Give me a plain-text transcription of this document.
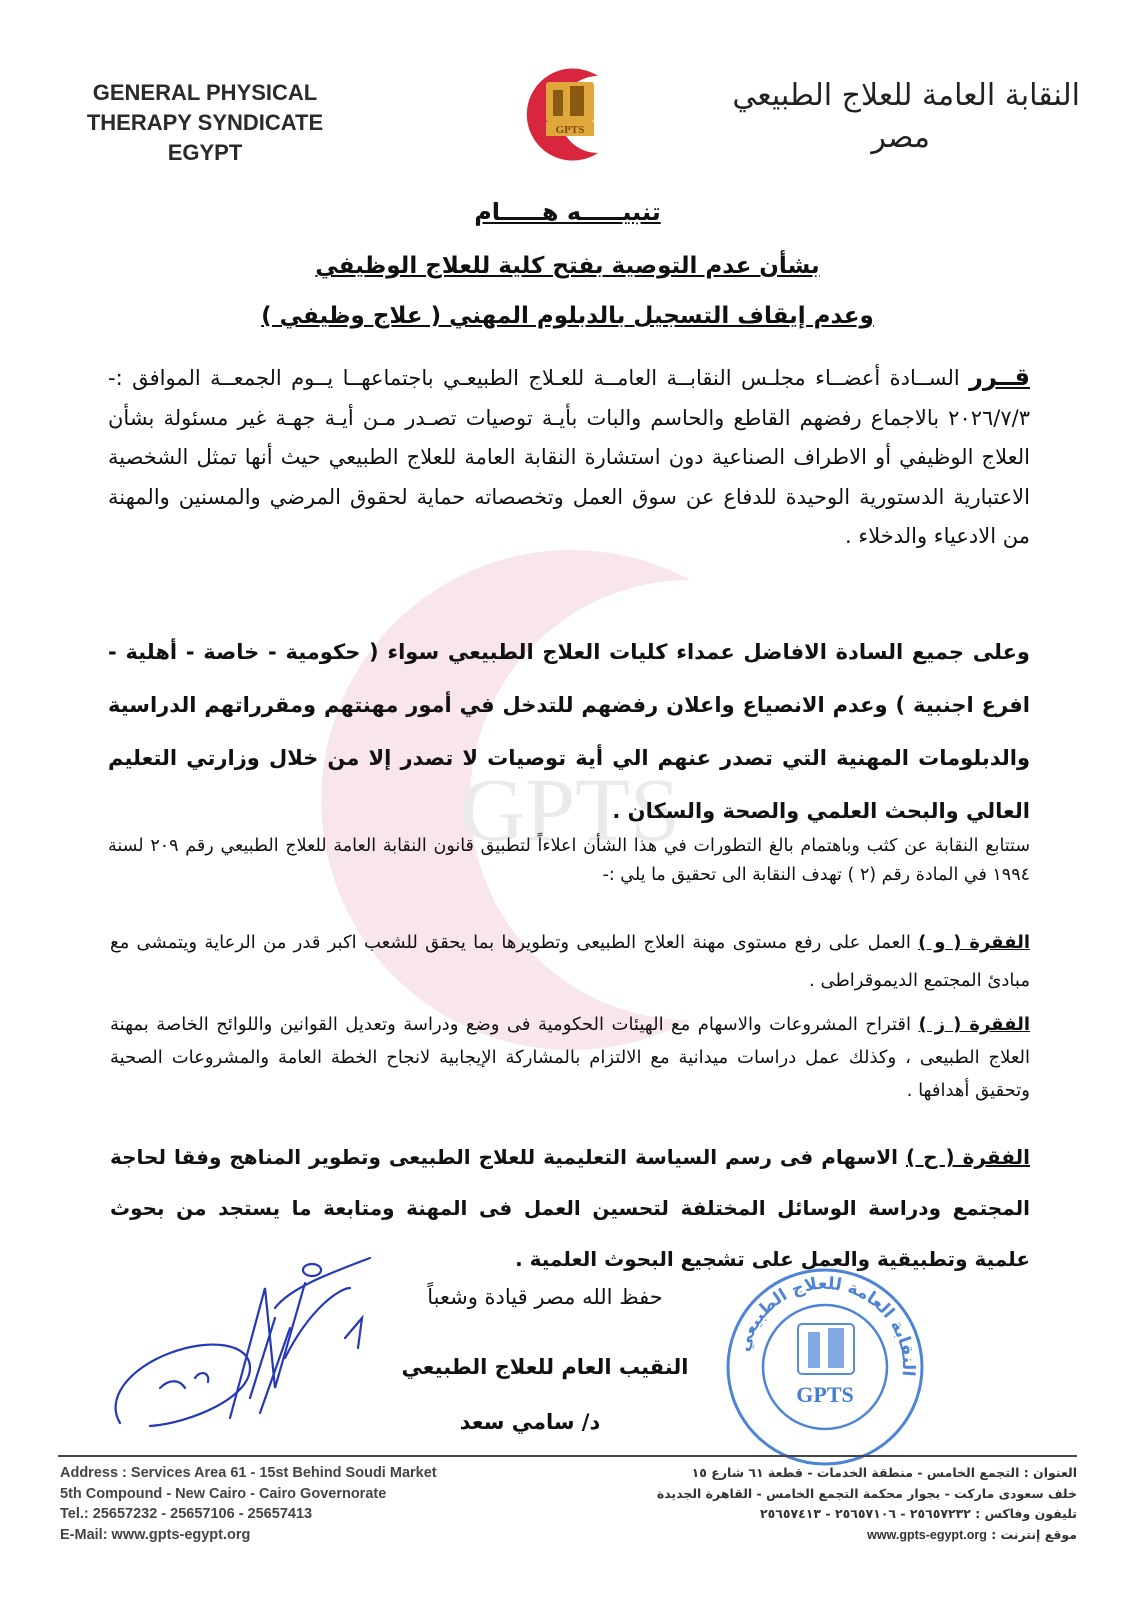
GPTS
GENERAL PHYSICAL
THERAPY SYNDICATE
EGYPT
GPTS
النقابة العامة للعلاج الطبيعي
مصر
تنبيـــــه هـــــام
بشأن عدم التوصية بفتح كلية للعلاج الوظيفي
وعدم إيقاف التسجيل بالدبلوم المهني ( علاج وظيفي )
قــرر الســادة أعضــاء مجلـس النقابــة العامــة للعـلاج الطبيعـي باجتماعهــا يــوم الجمعــة الموافق :- ٢٠٢٦/٧/٣ بالاجماع رفضهم القاطع والحاسم والبات بأيـة توصيات تصـدر مـن أيـة جهـة غير مسئولة بشأن العلاج الوظيفي أو الاطراف الصناعية دون استشارة النقابة العامة للعلاج الطبيعي حيث أنها تمثل الشخصية الاعتبارية الدستورية الوحيدة للدفاع عن سوق العمل وتخصصاته حماية لحقوق المرضي والمسنين والمهنة من الادعياء والدخلاء .
وعلى جميع السادة الافاضل عمداء كليات العلاج الطبيعي سواء ( حكومية - خاصة - أهلية - افرع اجنبية ) وعدم الانصياع واعلان رفضهم للتدخل في أمور مهنتهم ومقرراتهم الدراسية والدبلومات المهنية التي تصدر عنهم الي أية توصيات لا تصدر إلا من خلال وزارتي التعليم العالي والبحث العلمي والصحة والسكان .
ستتابع النقابة عن كثب وباهتمام بالغ التطورات في هذا الشأن اعلاءاً لتطبيق قانون النقابة العامة للعلاج الطبيعي رقم ٢٠٩ لسنة ١٩٩٤ في المادة رقم (٢ ) تهدف النقابة الى تحقيق ما يلي :-
الفقرة ( و ) العمل على رفع مستوى مهنة العلاج الطبيعى وتطويرها بما يحقق للشعب اكبر قدر من الرعاية ويتمشى مع مبادئ المجتمع الديموقراطى .
الفقرة ( ز ) اقتراح المشروعات والاسهام مع الهيئات الحكومية فى وضع ودراسة وتعديل القوانين واللوائح الخاصة بمهنة العلاج الطبيعى ، وكذلك عمل دراسات ميدانية مع الالتزام بالمشاركة الإيجابية لانجاح الخطة العامة والمشروعات الصحية وتحقيق أهدافها .
الفقرة ( ح ) الاسهام فى رسم السياسة التعليمية للعلاج الطبيعى وتطوير المناهج وفقا لحاجة المجتمع ودراسة الوسائل المختلفة لتحسين العمل فى المهنة ومتابعة ما يستجد من بحوث علمية وتطبيقية والعمل على تشجيع البحوث العلمية .
حفظ الله مصر قيادة وشعباً
النقيب العام للعلاج الطبيعي
د/ سامي سعد
النقابة العامة للعلاج الطبيعي
GPTS
Address : Services Area 61 - 15st Behind Soudi Market
5th Compound - New Cairo - Cairo Governorate
Tel.: 25657232 - 25657106 - 25657413
E-Mail: www.gpts-egypt.org
العنوان : التجمع الخامس - منطقة الخدمات - قطعة ٦١ شارع ١٥
خلف سعودى ماركت - بجوار محكمة التجمع الخامس - القاهرة الجديدة
تليفون وفاكس : ٢٥٦٥٧٢٣٢ - ٢٥٦٥٧١٠٦ - ٢٥٦٥٧٤١٣
موقع إنترنت : www.gpts-egypt.org
